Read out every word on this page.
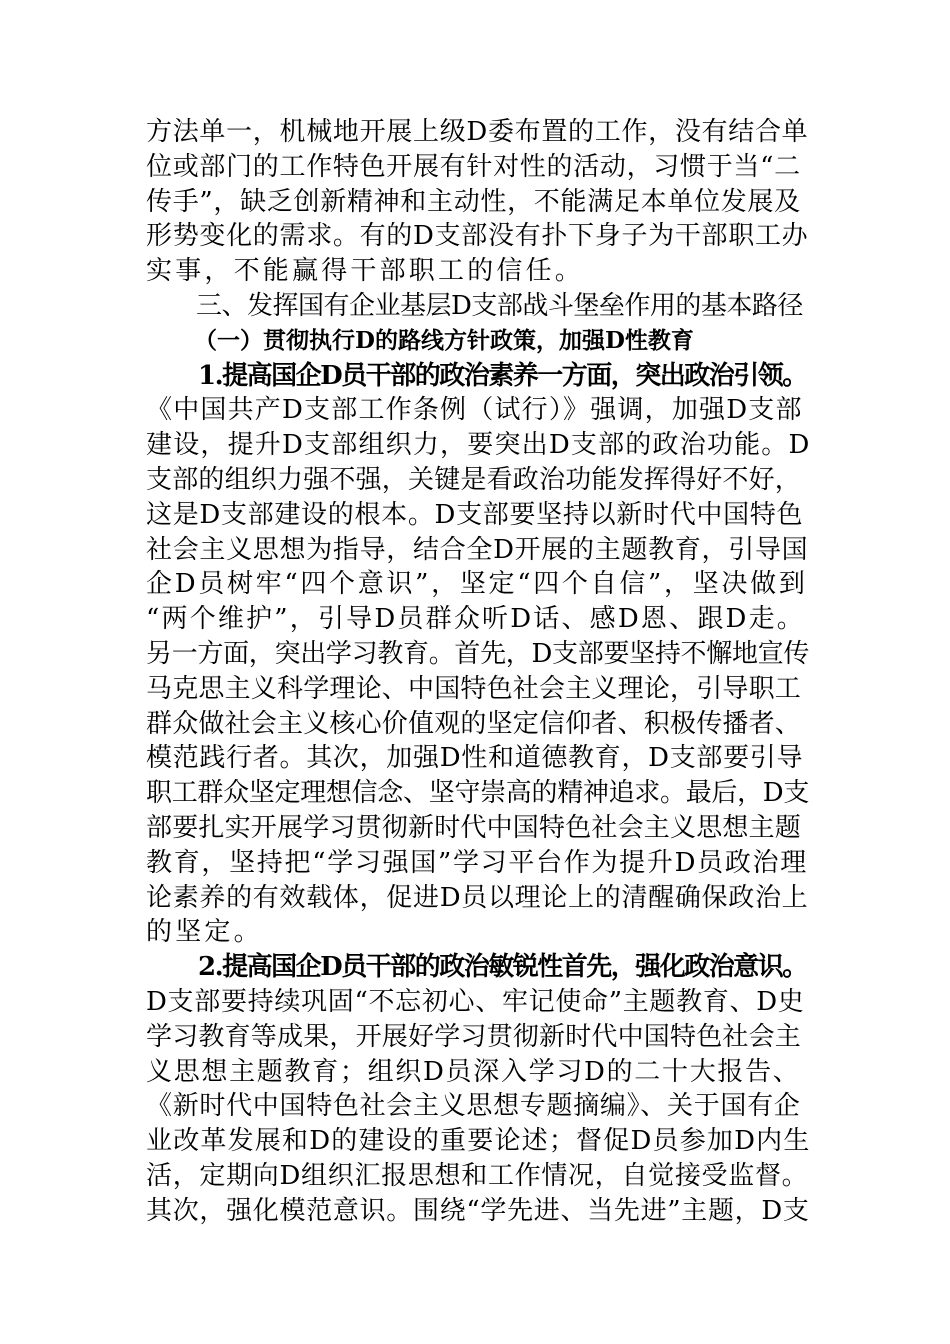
方法单一，机械地开展上级D委布置的工作，没有结合单
位或部门的工作特色开展有针对性的活动，习惯于当“二
传手”，缺乏创新精神和主动性，不能满足本单位发展及
形势变化的需求。有的D支部没有扑下身子为干部职工办
实事，不能赢得干部职工的信任。
三、发挥国有企业基层D支部战斗堡垒作用的基本路径
（一）贯彻执行D的路线方针政策，加强D性教育
1.提高国企D员干部的政治素养一方面，突出政治引领。
《中国共产D支部工作条例（试行）》强调，加强D支部
建设，提升D支部组织力，要突出D支部的政治功能。D
支部的组织力强不强，关键是看政治功能发挥得好不好，
这是D支部建设的根本。D支部要坚持以新时代中国特色
社会主义思想为指导，结合全D开展的主题教育，引导国
企D员树牢“四个意识”，坚定“四个自信”，坚决做到
“两个维护”，引导D员群众听D话、感D恩、跟D走。
另一方面，突出学习教育。首先，D支部要坚持不懈地宣传
马克思主义科学理论、中国特色社会主义理论，引导职工
群众做社会主义核心价值观的坚定信仰者、积极传播者、
模范践行者。其次，加强D性和道德教育，D支部要引导
职工群众坚定理想信念、坚守崇高的精神追求。最后，D支
部要扎实开展学习贯彻新时代中国特色社会主义思想主题
教育，坚持把“学习强国”学习平台作为提升D员政治理
论素养的有效载体，促进D员以理论上的清醒确保政治上
的坚定。
2.提高国企D员干部的政治敏锐性首先，强化政治意识。
D支部要持续巩固“不忘初心、牢记使命”主题教育、D史
学习教育等成果，开展好学习贯彻新时代中国特色社会主
义思想主题教育；组织D员深入学习D的二十大报告、
《新时代中国特色社会主义思想专题摘编》、关于国有企
业改革发展和D的建设的重要论述；督促D员参加D内生
活，定期向D组织汇报思想和工作情况，自觉接受监督。
其次，强化模范意识。围绕“学先进、当先进”主题，D支
